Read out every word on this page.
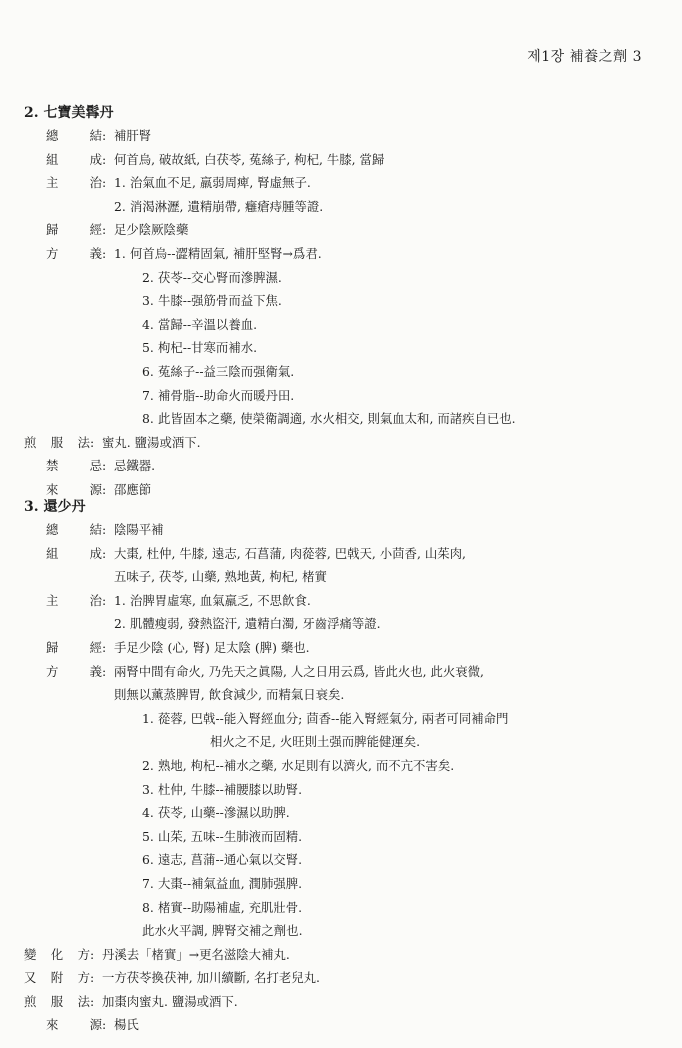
제1장 補養之劑 3
2. 七寶美髥丹
總結 : 補肝腎
組成 : 何首烏, 破故紙, 白茯苓, 菟絲子, 枸杞, 牛膝, 當歸
主治 : 1. 治氣血不足, 羸弱周痺, 腎虛無子.
2. 消渴淋瀝, 遺精崩帶, 癰瘡痔腫等證.
歸經 : 足少陰厥陰藥
方義 : 1. 何首烏--澀精固氣, 補肝堅腎→爲君.
2. 茯苓--交心腎而滲脾濕.
3. 牛膝--强筋骨而益下焦.
4. 當歸--辛溫以養血.
5. 枸杞--甘寒而補水.
6. 菟絲子--益三陰而强衛氣.
7. 補骨脂--助命火而暖丹田.
8. 此皆固本之藥, 使榮衛調適, 水火相交, 則氣血太和, 而諸疾自已也.
煎服法 : 蜜丸. 鹽湯或酒下.
禁忌 : 忌鐵器.
來源 : 邵應節
3. 還少丹
總結 : 陰陽平補
組成 : 大棗, 杜仲, 牛膝, 遠志, 石菖蒲, 肉蓯蓉, 巴戟天, 小茴香, 山茱肉,
五味子, 茯苓, 山藥, 熟地黃, 枸杞, 楮實
主治 : 1. 治脾胃虛寒, 血氣羸乏, 不思飮食.
2. 肌體瘦弱, 發熱盜汗, 遺精白濁, 牙齒浮痛等證.
歸經 : 手足少陰 (心, 腎) 足太陰 (脾) 藥也.
方義 : 兩腎中間有命火, 乃先天之眞陽, 人之日用云爲, 皆此火也, 此火衰微,
則無以薰蒸脾胃, 飮食減少, 而精氣日衰矣.
1. 蓯蓉, 巴戟--能入腎經血分; 茴香--能入腎經氣分, 兩者可同補命門
相火之不足, 火旺則土强而脾能健運矣.
2. 熟地, 枸杞--補水之藥, 水足則有以濟火, 而不亢不害矣.
3. 杜仲, 牛膝--補腰膝以助腎.
4. 茯苓, 山藥--滲濕以助脾.
5. 山茱, 五味--生肺液而固精.
6. 遠志, 菖蒲--通心氣以交腎.
7. 大棗--補氣益血, 潤肺强脾.
8. 楮實--助陽補虛, 充肌壯骨.
此水火平調, 脾腎交補之劑也.
變化方 : 丹溪去「楮實」→更名滋陰大補丸.
又附方 : 一方茯苓換茯神, 加川續斷, 名打老兒丸.
煎服法 : 加棗肉蜜丸. 鹽湯或酒下.
來源 : 楊氏
